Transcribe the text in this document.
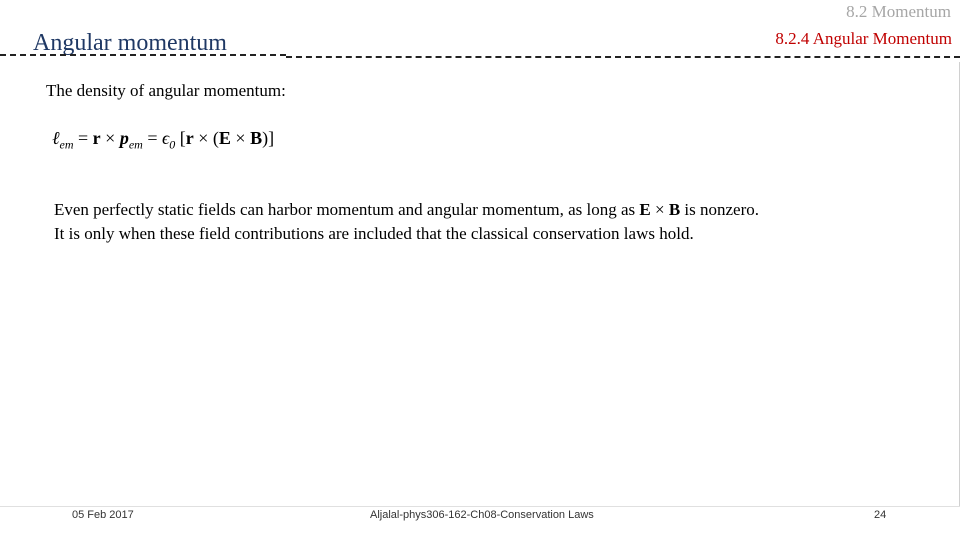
8.2 Momentum
8.2.4 Angular Momentum
Angular momentum
The density of angular momentum:
ℓ$_{em}$ = $r \times p_{em} = \epsilon_0$ [r × (E × B)]
Even perfectly static fields can harbor momentum and angular momentum, as long as E × B is nonzero.
It is only when these field contributions are included that the classical conservation laws hold.
05 Feb 2017	Aljalal-phys306-162-Ch08-Conservation Laws	24
